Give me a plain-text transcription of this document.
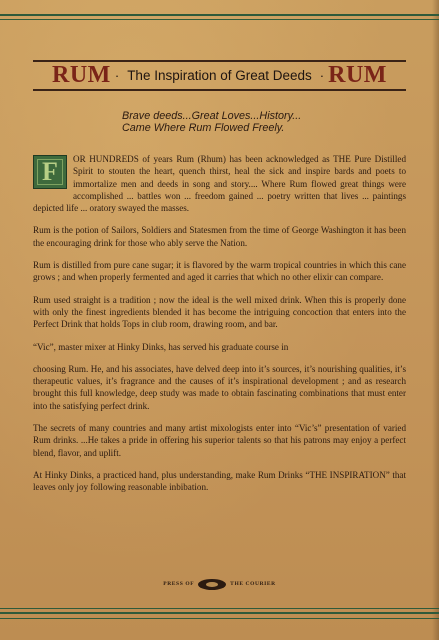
RUM · The Inspiration of Great Deeds · RUM
Brave deeds...Great Loves...History...
Came Where Rum Flowed Freely.

F OR HUNDREDS of years Rum (Rhum) has been acknowledged as THE Pure Distilled Spirit to stouten the heart, quench thirst, heal the sick and inspire bards and poets to immortalize men and deeds in song and story.... Where Rum flowed great things were accomplished ... battles won ... freedom gained ... poetry written that lives ... paintings depicted life ... oratory swayed the masses.

Rum is the potion of Sailors, Soldiers and Statesmen from the time of George Washington it has been the encouraging drink for those who ably serve the Nation.

Rum is distilled from pure cane sugar; it is flavored by the warm tropical countries in which this cane grows ; and when properly fermented and aged it carries that which no other elixir can compare.

Rum used straight is a tradition ; now the ideal is the well mixed drink. When this is properly done with only the finest ingredients blended it has become the intriguing concoction that enters into the Perfect Drink that holds Tops in club room, drawing room, and bar.

“Vic”, master mixer at Hinky Dinks, has served his graduate course in

choosing Rum. He, and his associates, have delved deep into it’s sources, it’s nourishing qualities, it’s therapeutic values, it’s fragrance and the causes of it’s inspirational development ; and as research brought this full knowledge, deep study was made to obtain fascinating combinations that must enter into the satisfying perfect drink.

The secrets of many countries and many artist mixologists enter into “Vic’s” presentation of varied Rum drinks. ...He takes a pride in offering his superior talents so that his patrons may enjoy a perfect blend, flavor, and uplift.

At Hinky Dinks, a practiced hand, plus understanding, make Rum Drinks “THE INSPIRATION” that leaves only joy following reasonable inbibation.

PRESS OF	THE COURIER
